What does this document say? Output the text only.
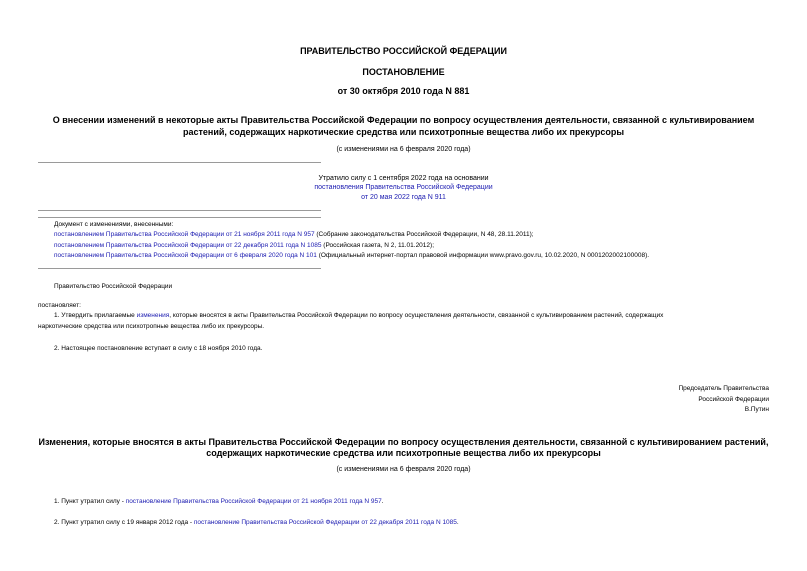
ПРАВИТЕЛЬСТВО РОССИЙСКОЙ ФЕДЕРАЦИИ
ПОСТАНОВЛЕНИЕ
от 30 октября 2010 года N 881
О внесении изменений в некоторые акты Правительства Российской Федерации по вопросу осуществления деятельности, связанной с культивированием
растений, содержащих наркотические средства или психотропные вещества либо их прекурсоры
(с изменениями на 6 февраля 2020 года)
Утратило силу с 1 сентября 2022 года на основании
постановления Правительства Российской Федерации
от 20 мая 2022 года N 911
Документ с изменениями, внесенными:
постановлением Правительства Российской Федерации от 21 ноября 2011 года N 957 (Собрание законодательства Российской Федерации, N 48, 28.11.2011);
постановлением Правительства Российской Федерации от 22 декабря 2011 года N 1085 (Российская газета, N 2, 11.01.2012);
постановлением Правительства Российской Федерации от 6 февраля 2020 года N 101 (Официальный интернет-портал правовой информации www.pravo.gov.ru, 10.02.2020, N 0001202002100008).
Правительство Российской Федерации
постановляет:
1. Утвердить прилагаемые изменения, которые вносятся в акты Правительства Российской Федерации по вопросу осуществления деятельности, связанной с культивированием растений, содержащих
наркотические средства или психотропные вещества либо их прекурсоры.
2. Настоящее постановление вступает в силу с 18 ноября 2010 года.
Председатель Правительства
Российской Федерации
В.Путин
Изменения, которые вносятся в акты Правительства Российской Федерации по вопросу осуществления деятельности, связанной с культивированием растений,
содержащих наркотические средства или психотропные вещества либо их прекурсоры
(с изменениями на 6 февраля 2020 года)
1. Пункт утратил силу - постановление Правительства Российской Федерации от 21 ноября 2011 года N 957.
2. Пункт утратил силу с 19 января 2012 года - постановление Правительства Российской Федерации от 22 декабря 2011 года N 1085.
